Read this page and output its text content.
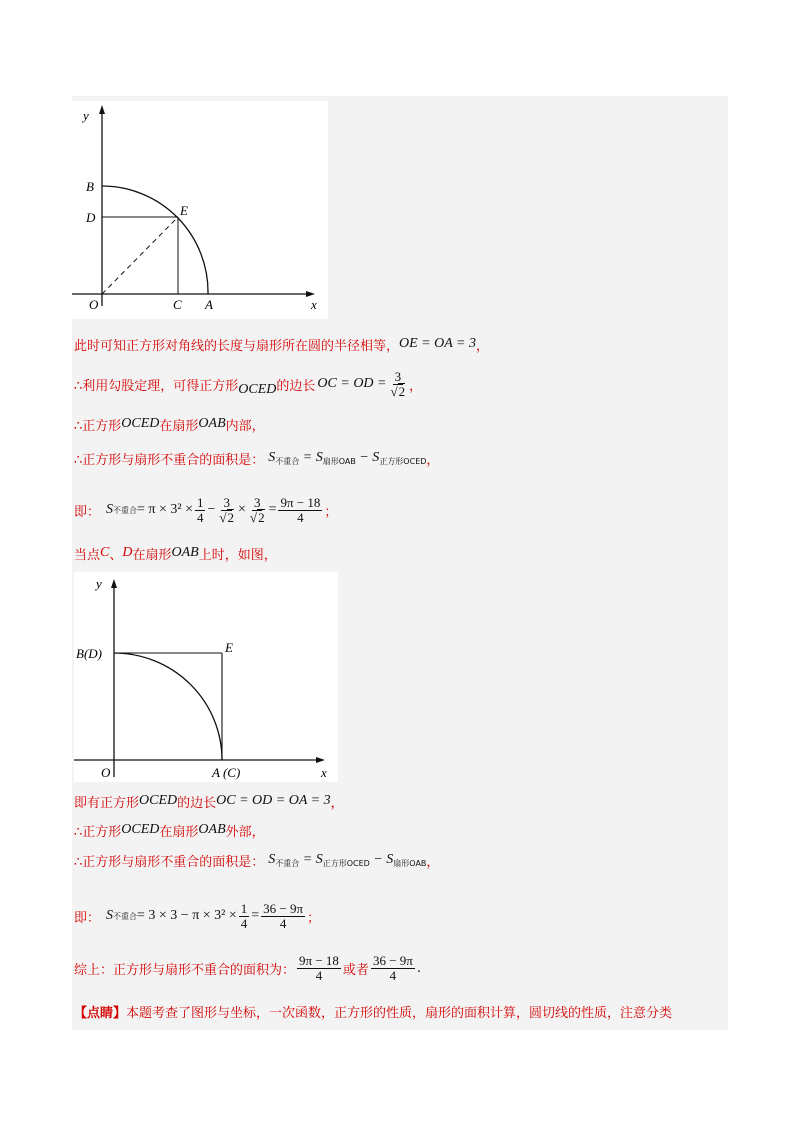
y
B
D	E
O	C A	x
此时可知正方形对角线的长度与扇形所在圆的半径相等， OE = OA = 3 ，
∴利用勾股定理，可得正方形 OCED 的边长 OC = OD = $\frac{3}{√2}$ ，
∴正方形 OCED 在扇形 OAB 内部，
∴正方形与扇形不重合的面积是： $S_{不重合} = S_{扇形OAB} - S_{正方形OCED}$ ，
即： S 不重合 = $\pi \times 3^2 \times \frac{1}{4} - \frac{3}{√2} \times \frac{3}{√2} = \frac{9\pi - 18}{4}$ ；
当点 C 、 D 在扇形 OAB 上时，如图，
y
B(D)	E
O	A (C)	x
即有正方形 OCED 的边长 OC = OD = OA = 3 ，
∴正方形 OCED 在扇形 OAB 外部，
∴正方形与扇形不重合的面积是： $S_{不重合} = S_{正方形OCED} - S_{扇形OAB}$ ，
即： S 不重合 = $3 \times 3 - \pi \times 3^2 \times \frac{1}{4} = \frac{36 - 9\pi}{4}$ ；
综上：正方形与扇形不重合的面积为： $\frac{9\pi - 18}{4}$ 或者 $\frac{36 - 9\pi}{4}$ .
【点睛】 本题考查了图形与坐标，一次函数，正方形的性质，扇形的面积计算，圆切线的性质，注意分类
